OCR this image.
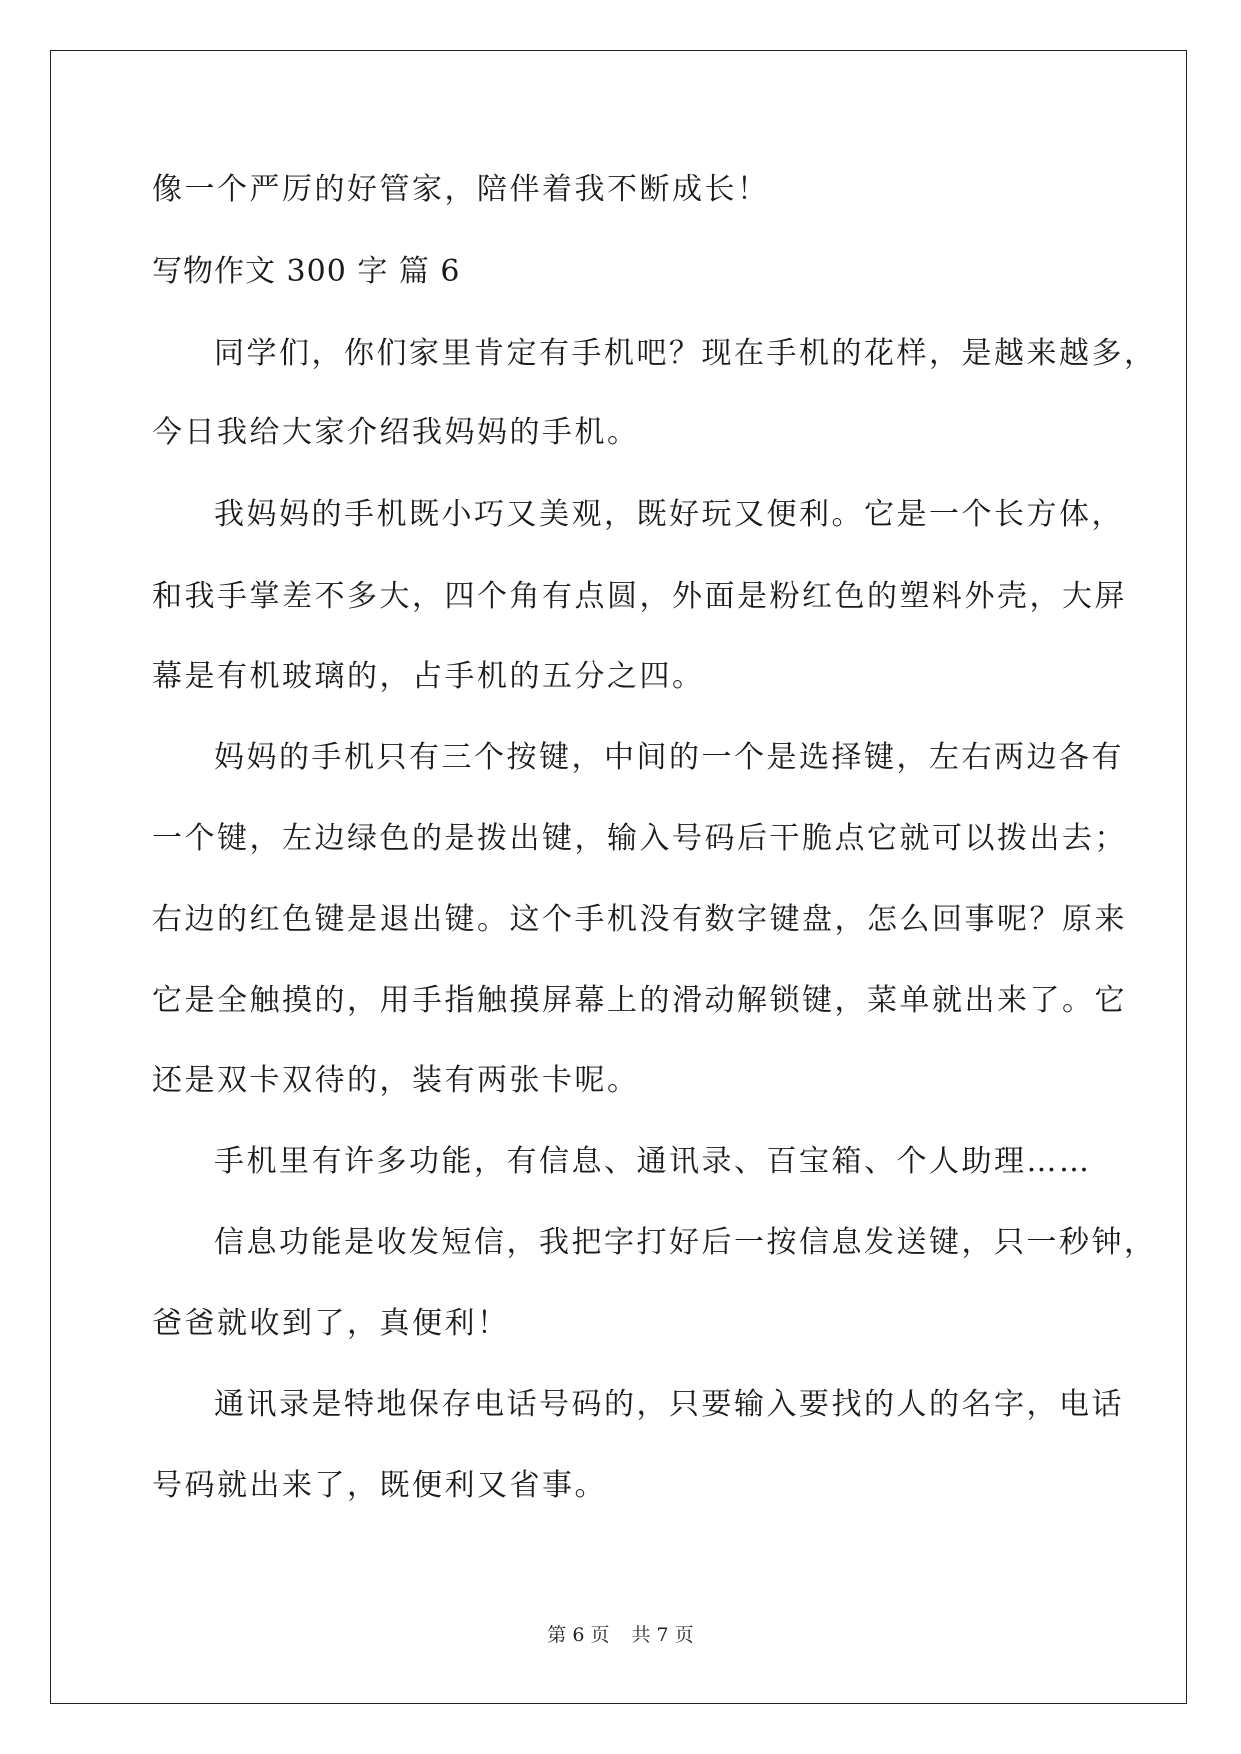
像一个严厉的好管家，陪伴着我不断成长！

写物作文 300 字 篇 6

同学们，你们家里肯定有手机吧？现在手机的花样，是越来越多，

今日我给大家介绍我妈妈的手机。

我妈妈的手机既小巧又美观，既好玩又便利。它是一个长方体，

和我手掌差不多大，四个角有点圆，外面是粉红色的塑料外壳，大屏

幕是有机玻璃的，占手机的五分之四。

妈妈的手机只有三个按键，中间的一个是选择键，左右两边各有

一个键，左边绿色的是拨出键，输入号码后干脆点它就可以拨出去；

右边的红色键是退出键。这个手机没有数字键盘，怎么回事呢？原来

它是全触摸的，用手指触摸屏幕上的滑动解锁键，菜单就出来了。它

还是双卡双待的，装有两张卡呢。

手机里有许多功能，有信息、通讯录、百宝箱、个人助理……

信息功能是收发短信，我把字打好后一按信息发送键，只一秒钟，

爸爸就收到了，真便利！

通讯录是特地保存电话号码的，只要输入要找的人的名字，电话

号码就出来了，既便利又省事。

第 6 页 共 7 页
